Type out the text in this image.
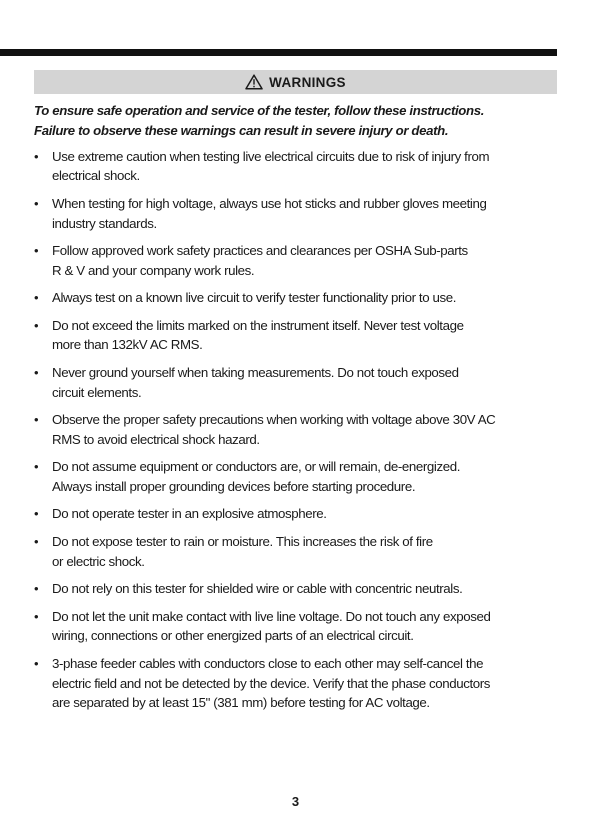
WARNINGS
To ensure safe operation and service of the tester, follow these instructions.
Failure to observe these warnings can result in severe injury or death.
• Use extreme caution when testing live electrical circuits due to risk of injury from
electrical shock.
• When testing for high voltage, always use hot sticks and rubber gloves meeting
industry standards.
• Follow approved work safety practices and clearances per OSHA Sub-parts
R & V and your company work rules.
• Always test on a known live circuit to verify tester functionality prior to use.
• Do not exceed the limits marked on the instrument itself. Never test voltage
more than 132kV AC RMS.
• Never ground yourself when taking measurements. Do not touch exposed
circuit elements.
• Observe the proper safety precautions when working with voltage above 30V AC
RMS to avoid electrical shock hazard.
• Do not assume equipment or conductors are, or will remain, de-energized.
Always install proper grounding devices before starting procedure.
• Do not operate tester in an explosive atmosphere.
• Do not expose tester to rain or moisture. This increases the risk of fire
or electric shock.
• Do not rely on this tester for shielded wire or cable with concentric neutrals.
• Do not let the unit make contact with live line voltage. Do not touch any exposed
wiring, connections or other energized parts of an electrical circuit.
• 3-phase feeder cables with conductors close to each other may self-cancel the
electric field and not be detected by the device. Verify that the phase conductors
are separated by at least 15" (381 mm) before testing for AC voltage.
3
